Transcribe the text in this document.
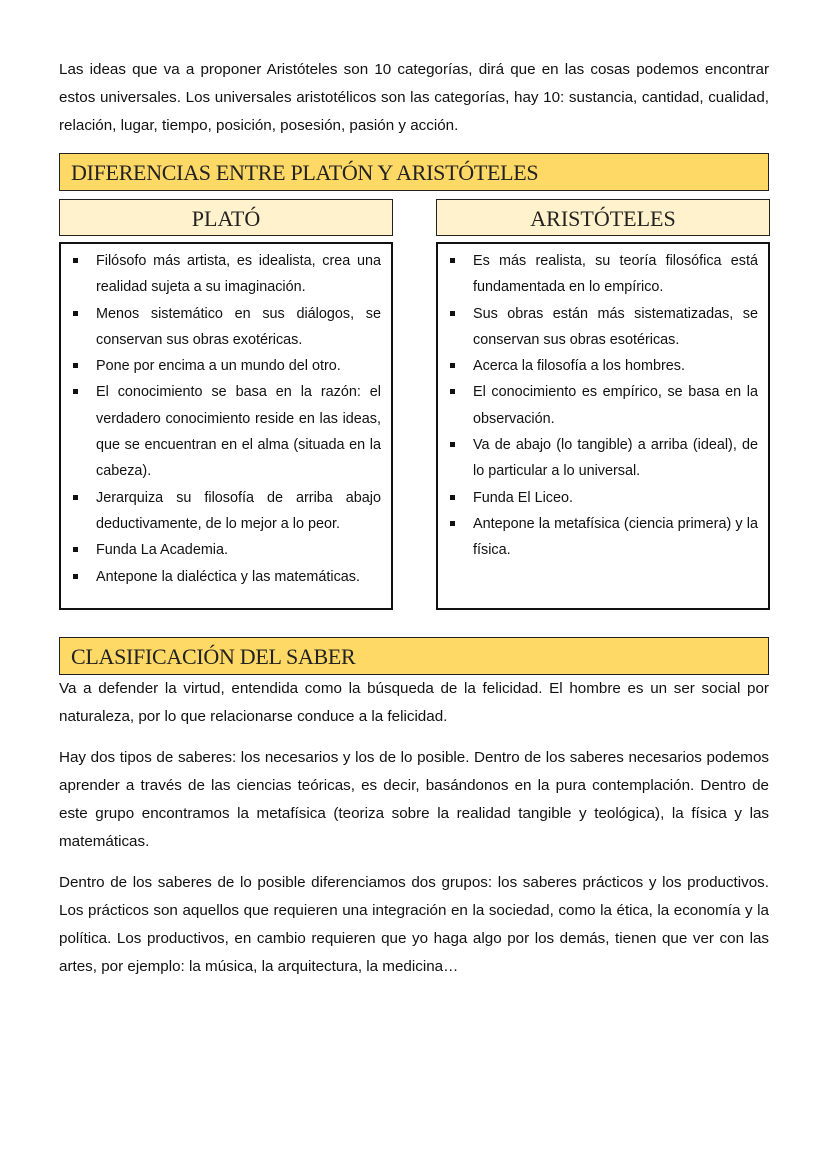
Las ideas que va a proponer Aristóteles son 10 categorías, dirá que en las cosas podemos encontrar estos universales. Los universales aristotélicos son las categorías, hay 10: sustancia, cantidad, cualidad, relación, lugar, tiempo, posición, posesión, pasión y acción.

DIFERENCIAS ENTRE PLATÓN Y ARISTÓTELES
PLATÓ
Filósofo más artista, es idealista, crea una realidad sujeta a su imaginación.
Menos sistemático en sus diálogos, se conservan sus obras exotéricas.
Pone por encima a un mundo del otro.
El conocimiento se basa en la razón: el verdadero conocimiento reside en las ideas, que se encuentran en el alma (situada en la cabeza).
Jerarquiza su filosofía de arriba abajo deductivamente, de lo mejor a lo peor.
Funda La Academia.
Antepone la dialéctica y las matemáticas.
ARISTÓTELES
Es más realista, su teoría filosófica está fundamentada en lo empírico.
Sus obras están más sistematizadas, se conservan sus obras esotéricas.
Acerca la filosofía a los hombres.
El conocimiento es empírico, se basa en la observación.
Va de abajo (lo tangible) a arriba (ideal), de lo particular a lo universal.
Funda El Liceo.
Antepone la metafísica (ciencia primera) y la física.
CLASIFICACIÓN DEL SABER

Va a defender la virtud, entendida como la búsqueda de la felicidad. El hombre es un ser social por naturaleza, por lo que relacionarse conduce a la felicidad.

Hay dos tipos de saberes: los necesarios y los de lo posible. Dentro de los saberes necesarios podemos aprender a través de las ciencias teóricas, es decir, basándonos en la pura contemplación. Dentro de este grupo encontramos la metafísica (teoriza sobre la realidad tangible y teológica), la física y las matemáticas.

Dentro de los saberes de lo posible diferenciamos dos grupos: los saberes prácticos y los productivos. Los prácticos son aquellos que requieren una integración en la sociedad, como la ética, la economía y la política. Los productivos, en cambio requieren que yo haga algo por los demás, tienen que ver con las artes, por ejemplo: la música, la arquitectura, la medicina…
